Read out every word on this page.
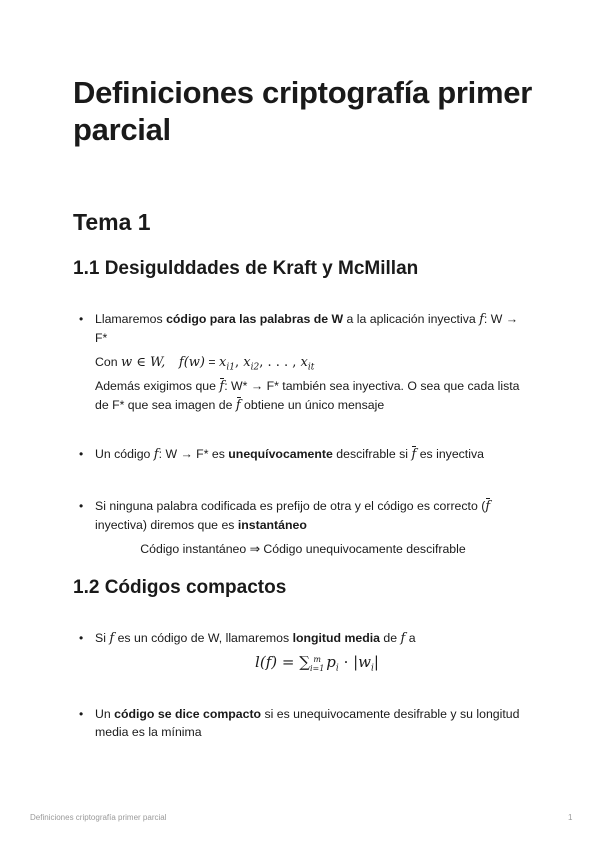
Definiciones criptografía primer parcial
Tema 1
1.1 Desigulddades de Kraft y McMillan
• Llamaremos código para las palabras de W a la aplicación inyectiva f: W → F*
Con w ∈ W, $f(w) = x_{i1}$, $x_{i2}$, . . . , $x_{it}$
Además exigimos que f: W* → F* también sea inyectiva. O sea que cada lista de F* que sea imagen de f obtiene un único mensaje
• Un código f: W → F* es unequívocamente descifrable si f es inyectiva
• Si ninguna palabra codificada es prefijo de otra y el código es correcto (f inyectiva) diremos que es instantáneo
Código instantáneo ⇒ Código unequivocamente descifrable
1.2 Códigos compactos
• Si f es un código de W, llamaremos longitud media de f a
l(f) = ∑ m
i=1 $p_i \cdot |w_i|$
• Un código se dice compacto si es unequivocamente desifrable y su longitud media es la mínima
Definiciones criptografía primer parcial	1
